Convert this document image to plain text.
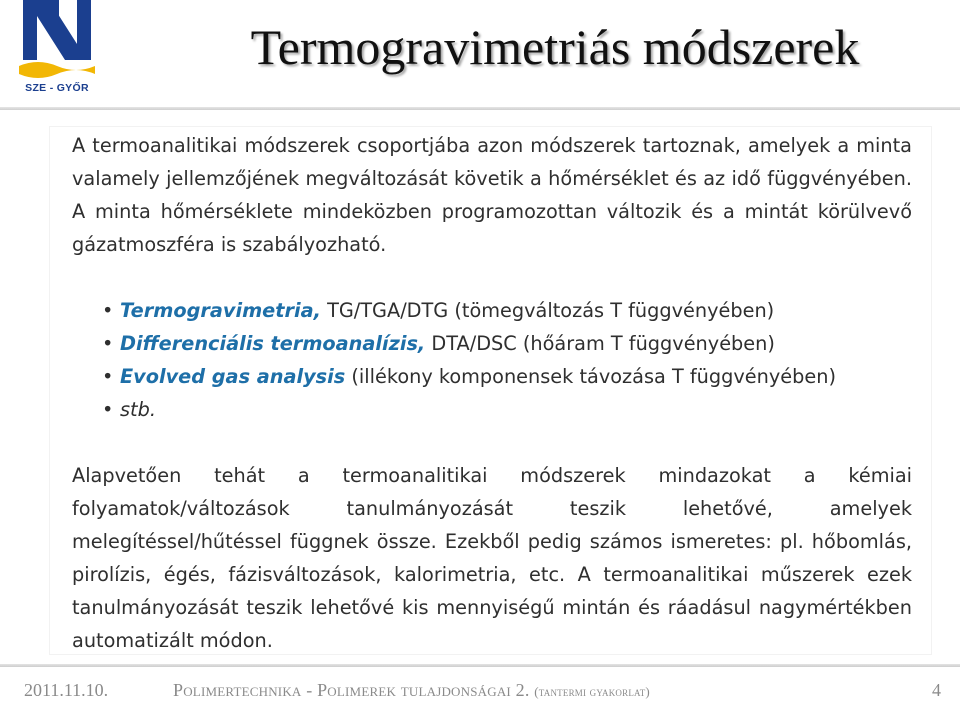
SZE - GYŐR
Termogravimetriás módszerek
A termoanalitikai módszerek csoportjába azon módszerek tartoznak, amelyek a minta valamely jellemzőjének megváltozását követik a hőmérséklet és az idő függvényében. A minta hőmérséklete mindeközben programozottan változik és a mintát körülvevő gázatmoszféra is szabályozható.
• Termogravimetria, TG/TGA/DTG (tömegváltozás T függvényében)
• Differenciális termoanalízis, DTA/DSC (hőáram T függvényében)
• Evolved gas analysis (illékony komponensek távozása T függvényében)
• stb.
Alapvetően tehát a termoanalitikai módszerek mindazokat a kémiai folyamatok/változások tanulmányozását teszik lehetővé, amelyek melegítéssel/hűtéssel függnek össze. Ezekből pedig számos ismeretes: pl. hőbomlás, pirolízis, égés, fázisváltozások, kalorimetria, etc. A termoanalitikai műszerek ezek tanulmányozását teszik lehetővé kis mennyiségű mintán és ráadásul nagymértékben automatizált módon.
2011.11.10.	Polimertechnika - Polimerek tulajdonságai 2. (tantermi gyakorlat)	4
